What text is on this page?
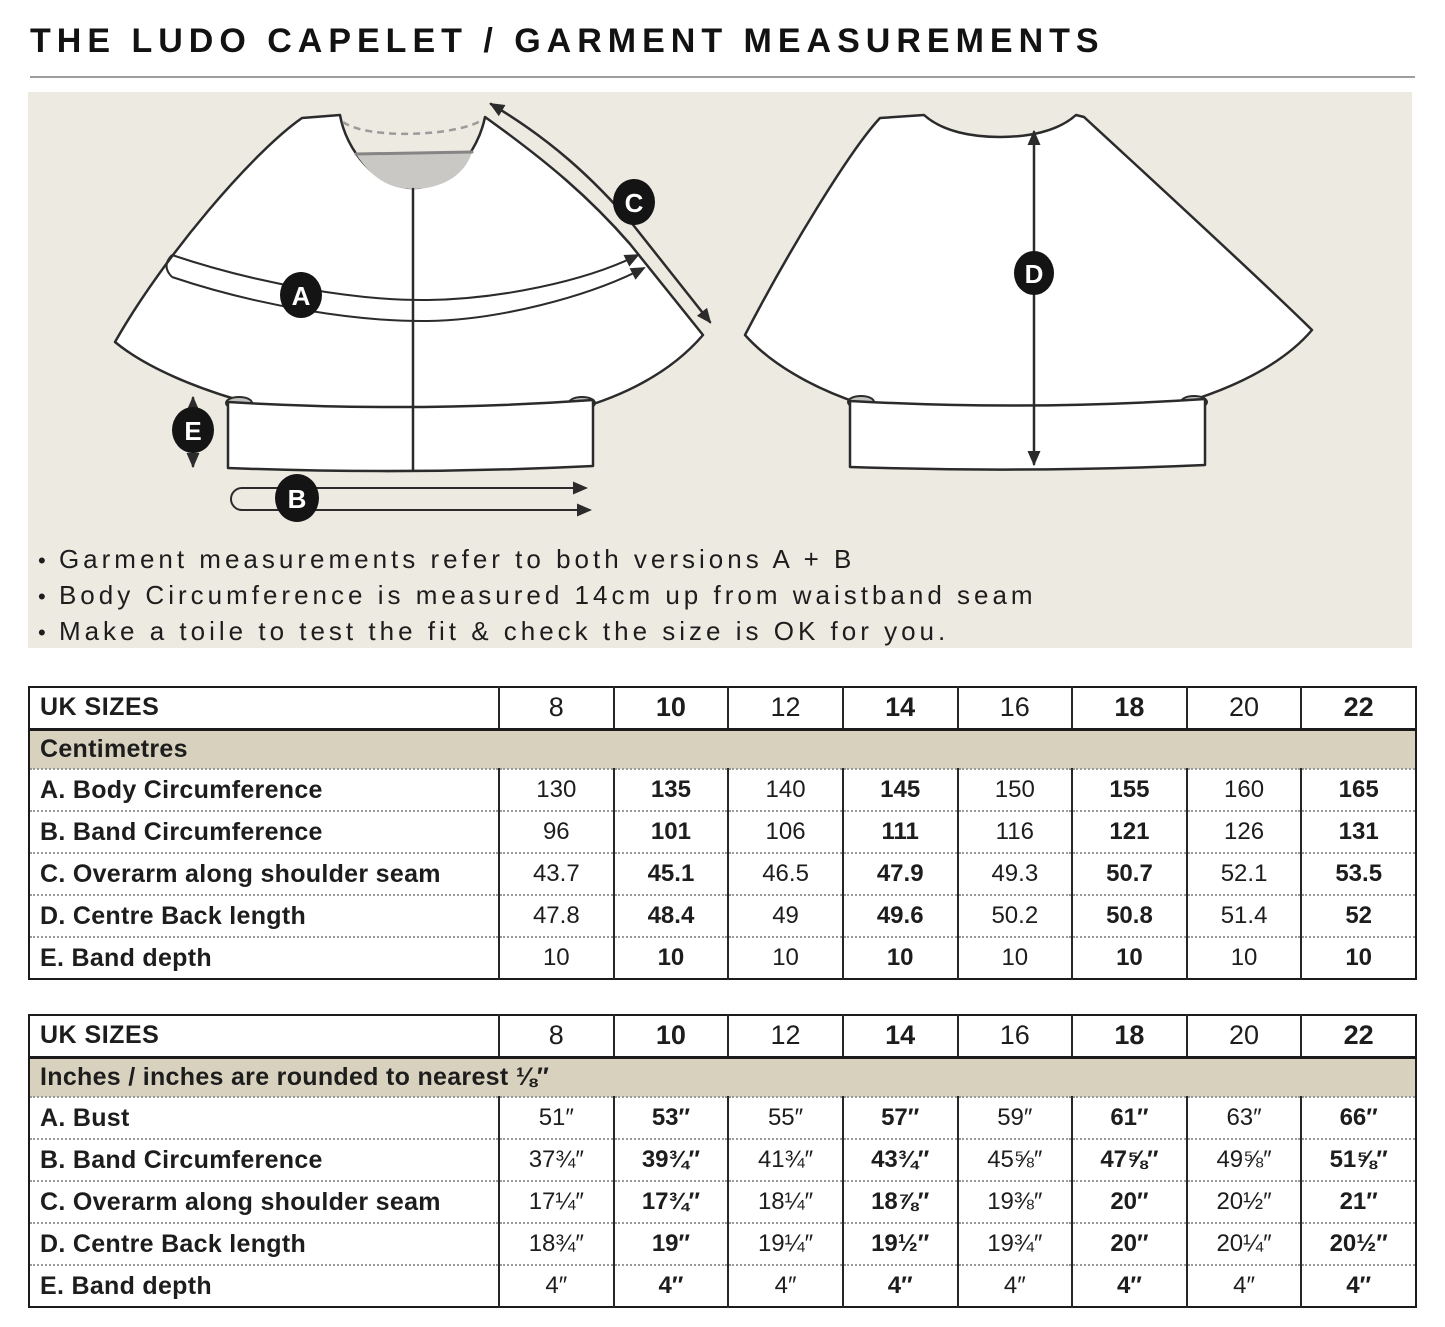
THE LUDO CAPELET / GARMENT MEASUREMENTS
A
C
E
B
D
• Garment measurements refer to both versions A + B
• Body Circumference is measured 14cm up from waistband seam
• Make a toile to test the fit & check the size is OK for you.
UK SIZES	8	10	12	14	16	18	20	22
Centimetres								
A. Body Circumference	130	135	140	145	150	155	160	165
B. Band Circumference	96	101	106	111	116	121	126	131
C. Overarm along shoulder seam	43.7	45.1	46.5	47.9	49.3	50.7	52.1	53.5
D. Centre Back length	47.8	48.4	49	49.6	50.2	50.8	51.4	52
E. Band depth	10	10	10	10	10	10	10	10
UK SIZES	8	10	12	14	16	18	20	22
Inches / inches are rounded to nearest ⅛″								
A. Bust	51″	53″	55″	57″	59″	61″	63″	66″
B. Band Circumference	37¾″	39¾″	41¾″	43¾″	45⅝″	47⅝″	49⅝″	51⅝″
C. Overarm along shoulder seam	17¼″	17¾″	18¼″	18⅞″	19⅜″	20″	20½″	21″
D. Centre Back length	18¾″	19″	19¼″	19½″	19¾″	20″	20¼″	20½″
E. Band depth	4″	4″	4″	4″	4″	4″	4″	4″
